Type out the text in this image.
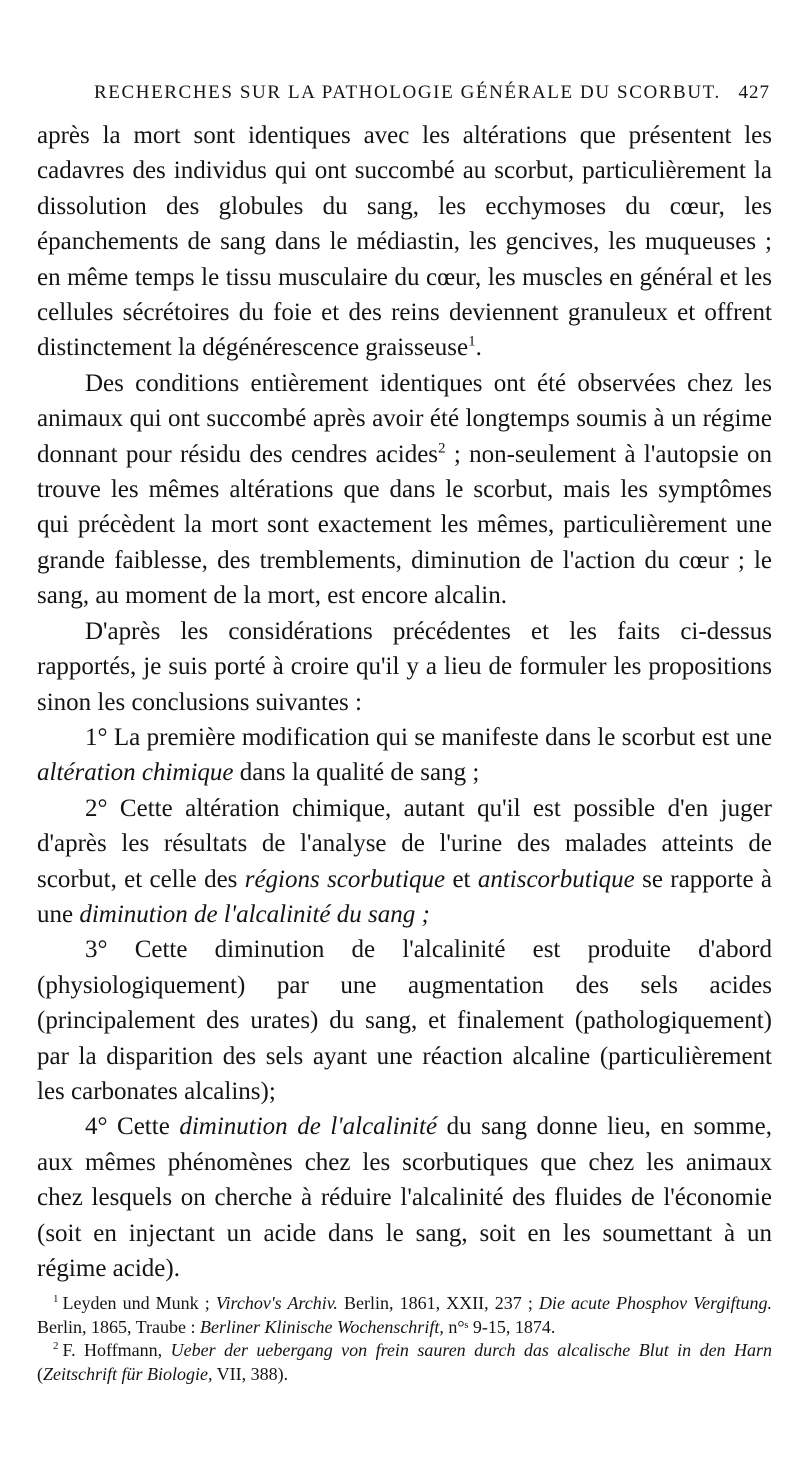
RECHERCHES SUR LA PATHOLOGIE GÉNÉRALE DU SCORBUT. 427

après la mort sont identiques avec les altérations que présentent les cadavres des individus qui ont succombé au scorbut, particulièrement la dissolution des globules du sang, les ecchymoses du cœur, les épanchements de sang dans le médiastin, les gencives, les muqueuses ; en même temps le tissu musculaire du cœur, les muscles en général et les cellules sécrétoires du foie et des reins deviennent granuleux et offrent distinctement la dégénérescence graisseuse$^1$.

Des conditions entièrement identiques ont été observées chez les animaux qui ont succombé après avoir été longtemps soumis à un régime donnant pour résidu des cendres acides$^2$ ; non-seulement à l'autopsie on trouve les mêmes altérations que dans le scorbut, mais les symptômes qui précèdent la mort sont exactement les mêmes, particulièrement une grande faiblesse, des tremblements, diminution de l'action du cœur ; le sang, au moment de la mort, est encore alcalin.

D'après les considérations précédentes et les faits ci-dessus rapportés, je suis porté à croire qu'il y a lieu de formuler les propositions sinon les conclusions suivantes :

1° La première modification qui se manifeste dans le scorbut est une altération chimique dans la qualité de sang ;

2° Cette altération chimique, autant qu'il est possible d'en juger d'après les résultats de l'analyse de l'urine des malades atteints de scorbut, et celle des régions scorbutique et antiscorbutique se rapporte à une diminution de l'alcalinité du sang ;

3° Cette diminution de l'alcalinité est produite d'abord (physiologiquement) par une augmentation des sels acides (principalement des urates) du sang, et finalement (pathologiquement) par la disparition des sels ayant une réaction alcaline (particulièrement les carbonates alcalins);

4° Cette diminution de l'alcalinité du sang donne lieu, en somme, aux mêmes phénomènes chez les scorbutiques que chez les animaux chez lesquels on cherche à réduire l'alcalinité des fluides de l'économie (soit en injectant un acide dans le sang, soit en les soumettant à un régime acide).

$^1$ Leyden und Munk ; Virchov's Archiv. Berlin, 1861, XXII, 237 ; Die acute Phosphov Vergiftung. Berlin, 1865, Traube : Berliner Klinische Wochenschrift, n°ˢ 9-15, 1874.

$^2$ F. Hoffmann, Ueber der uebergang von frein sauren durch das alcalische Blut in den Harn (Zeitschrift für Biologie, VII, 388).
